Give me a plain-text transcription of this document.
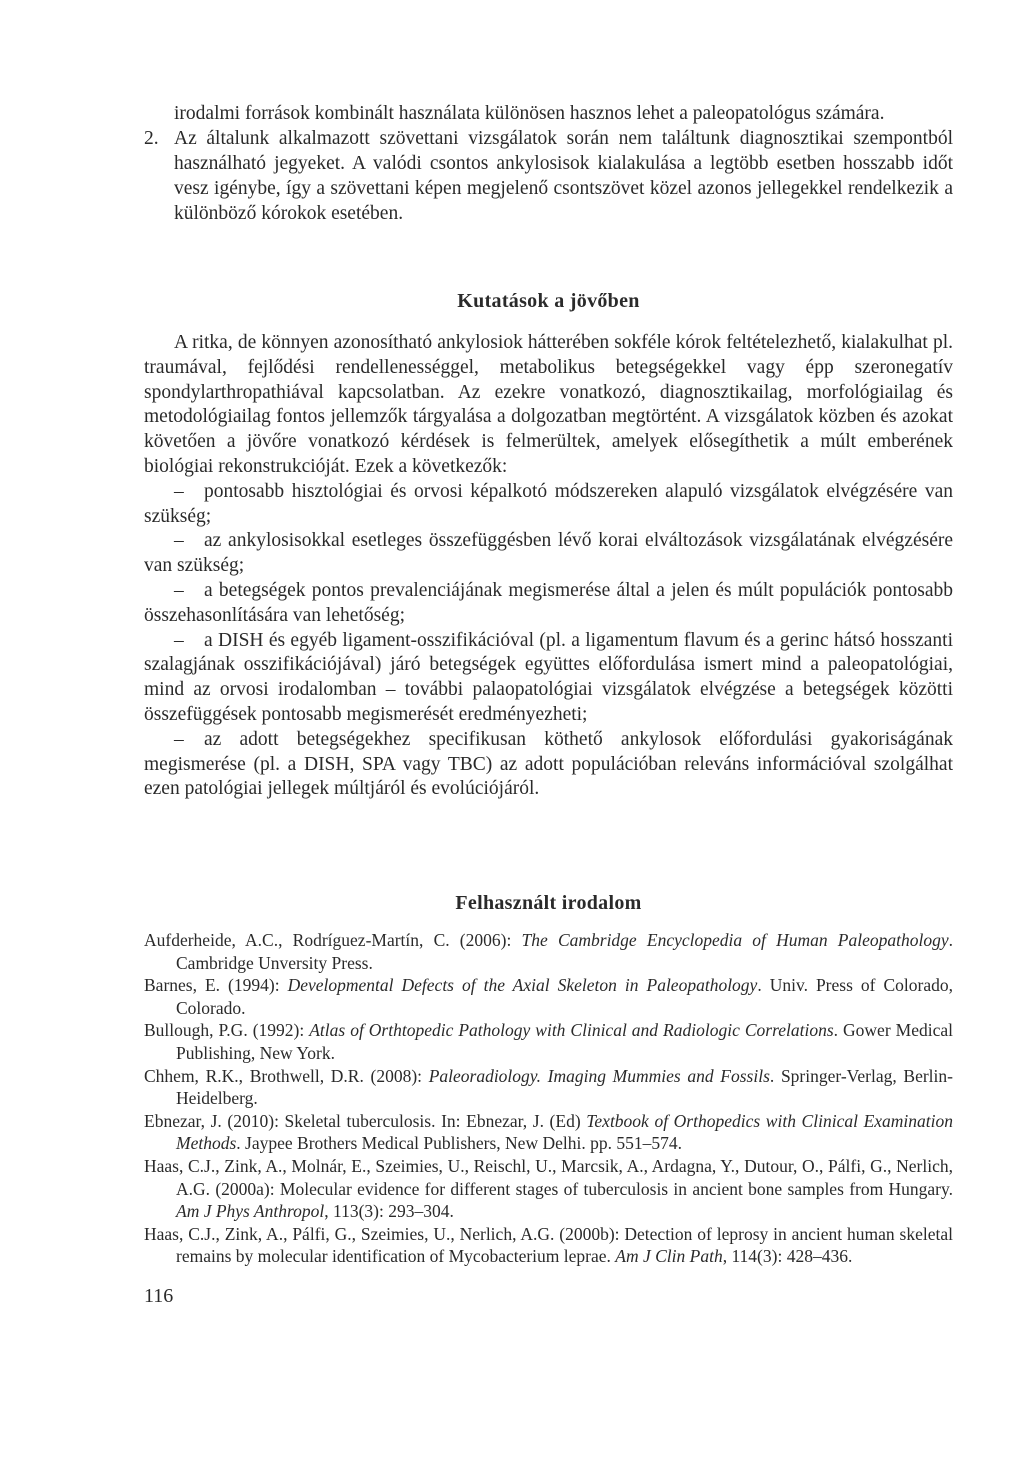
irodalmi források kombinált használata különösen hasznos lehet a paleopatológus számára.

2. Az általunk alkalmazott szövettani vizsgálatok során nem találtunk diagnosztikai szempontból használható jegyeket. A valódi csontos ankylosisok kialakulása a legtöbb esetben hosszabb időt vesz igénybe, így a szövettani képen megjelenő csontszövet közel azonos jellegekkel rendelkezik a különböző kórokok esetében.

Kutatások a jövőben

A ritka, de könnyen azonosítható ankylosiok hátterében sokféle kórok feltételezhető, kialakulhat pl. traumával, fejlődési rendellenességgel, metabolikus betegségekkel vagy épp szeronegatív spondylarthropathiával kapcsolatban. Az ezekre vonatkozó, diagnosztikailag, morfológiailag és metodológiailag fontos jellemzők tárgyalása a dolgozatban megtörtént. A vizsgálatok közben és azokat követően a jövőre vonatkozó kérdések is felmerültek, amelyek elősegíthetik a múlt emberének biológiai rekonstrukcióját. Ezek a következők:

– pontosabb hisztológiai és orvosi képalkotó módszereken alapuló vizsgálatok elvégzésére van szükség;

– az ankylosisokkal esetleges összefüggésben lévő korai elváltozások vizsgálatának elvégzésére van szükség;

– a betegségek pontos prevalenciájának megismerése által a jelen és múlt populációk pontosabb összehasonlítására van lehetőség;

– a DISH és egyéb ligament-osszifikációval (pl. a ligamentum flavum és a gerinc hátsó hosszanti szalagjának osszifikációjával) járó betegségek együttes előfordulása ismert mind a paleopatológiai, mind az orvosi irodalomban – további palaopatológiai vizsgálatok elvégzése a betegségek közötti összefüggések pontosabb megismerését eredményezheti;

– az adott betegségekhez specifikusan köthető ankylosok előfordulási gyakoriságának megismerése (pl. a DISH, SPA vagy TBC) az adott populációban releváns információval szolgálhat ezen patológiai jellegek múltjáról és evolúciójáról.

Felhasznált irodalom

Aufderheide, A.C., Rodríguez-Martín, C. (2006): The Cambridge Encyclopedia of Human Paleopathology. Cambridge Unversity Press.

Barnes, E. (1994): Developmental Defects of the Axial Skeleton in Paleopathology. Univ. Press of Colorado, Colorado.

Bullough, P.G. (1992): Atlas of Orthtopedic Pathology with Clinical and Radiologic Correlations. Gower Medical Publishing, New York.

Chhem, R.K., Brothwell, D.R. (2008): Paleoradiology. Imaging Mummies and Fossils. Springer-Verlag, Berlin-Heidelberg.

Ebnezar, J. (2010): Skeletal tuberculosis. In: Ebnezar, J. (Ed) Textbook of Orthopedics with Clinical Examination Methods. Jaypee Brothers Medical Publishers, New Delhi. pp. 551–574.

Haas, C.J., Zink, A., Molnár, E., Szeimies, U., Reischl, U., Marcsik, A., Ardagna, Y., Dutour, O., Pálfi, G., Nerlich, A.G. (2000a): Molecular evidence for different stages of tuberculosis in ancient bone samples from Hungary. Am J Phys Anthropol, 113(3): 293–304.

Haas, C.J., Zink, A., Pálfi, G., Szeimies, U., Nerlich, A.G. (2000b): Detection of leprosy in ancient human skeletal remains by molecular identification of Mycobacterium leprae. Am J Clin Path, 114(3): 428–436.

116
